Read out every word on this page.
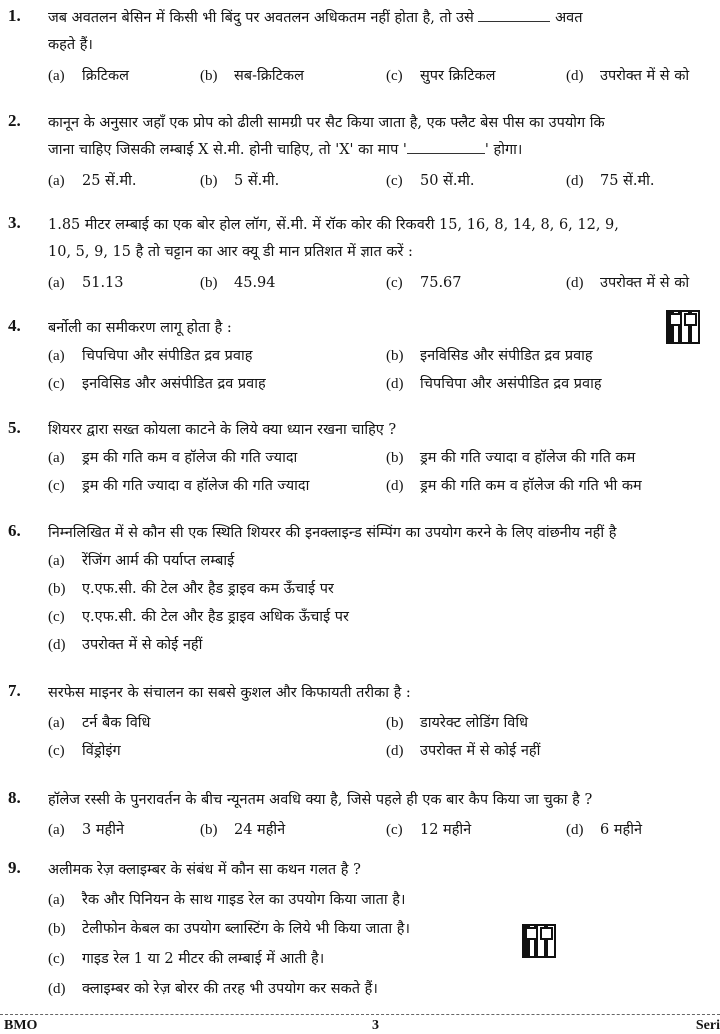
1. जब अवतलन बेसिन में किसी भी बिंदु पर अवतलन अधिकतम नहीं होता है, तो उसे	अवत
कहते हैं।
(a) क्रिटिकल	(b) सब-क्रिटिकल	(c) सुपर क्रिटिकल	(d) उपरोक्त में से को
2. कानून के अनुसार जहाँ एक प्रोप को ढीली सामग्री पर सैट किया जाता है, एक फ्लैट बेस पीस का उपयोग कि
जाना चाहिए जिसकी लम्बाई X से.मी. होनी चाहिए, तो 'X' का माप '	' होगा।
(a) 25 सें.मी.	(b) 5 सें.मी.	(c) 50 सें.मी.	(d) 75 सें.मी.
3. 1.85 मीटर लम्बाई का एक बोर होल लॉग, सें.मी. में रॉक कोर की रिकवरी 15, 16, 8, 14, 8, 6, 12, 9,
10, 5, 9, 15 है तो चट्टान का आर क्यू डी मान प्रतिशत में ज्ञात करें :
(a) 51.13	(b) 45.94	(c) 75.67	(d) उपरोक्त में से को
4. बर्नोली का समीकरण लागू होता है :
(a) चिपचिपा और संपीडित द्रव प्रवाह	(b) इनविसिड और संपीडित द्रव प्रवाह
(c) इनविसिड और असंपीडित द्रव प्रवाह	(d) चिपचिपा और असंपीडित द्रव प्रवाह
5. शियरर द्वारा सख्त कोयला काटने के लिये क्या ध्यान रखना चाहिए ?
(a) ड्रम की गति कम व हॉलेज की गति ज्यादा	(b) ड्रम की गति ज्यादा व हॉलेज की गति कम
(c) ड्रम की गति ज्यादा व हॉलेज की गति ज्यादा	(d) ड्रम की गति कम व हॉलेज की गति भी कम
6. निम्नलिखित में से कौन सी एक स्थिति शियरर की इनक्लाइन्ड संम्पिंग का उपयोग करने के लिए वांछनीय नहीं है
(a) रेंजिंग आर्म की पर्याप्त लम्बाई
(b) ए.एफ.सी. की टेल और हैड ड्राइव कम ऊँचाई पर
(c) ए.एफ.सी. की टेल और हैड ड्राइव अधिक ऊँचाई पर
(d) उपरोक्त में से कोई नहीं
7. सरफेस माइनर के संचालन का सबसे कुशल और किफायती तरीका है :
(a) टर्न बैक विधि	(b) डायरेक्ट लोडिंग विधि
(c) विंड्रोइंग	(d) उपरोक्त में से कोई नहीं
8. हॉलेज रस्सी के पुनरावर्तन के बीच न्यूनतम अवधि क्या है, जिसे पहले ही एक बार कैप किया जा चुका है ?
(a) 3 महीने	(b) 24 महीने	(c) 12 महीने	(d) 6 महीने
9. अलीमक रेज़ क्लाइम्बर के संबंध में कौन सा कथन गलत है ?
(a) रैक और पिनियन के साथ गाइड रेल का उपयोग किया जाता है।
(b) टेलीफोन केबल का उपयोग ब्लास्टिंग के लिये भी किया जाता है।
(c) गाइड रेल 1 या 2 मीटर की लम्बाई में आती है।
(d) क्लाइम्बर को रेज़ बोरर की तरह भी उपयोग कर सकते हैं।
BMO	3	Seri
